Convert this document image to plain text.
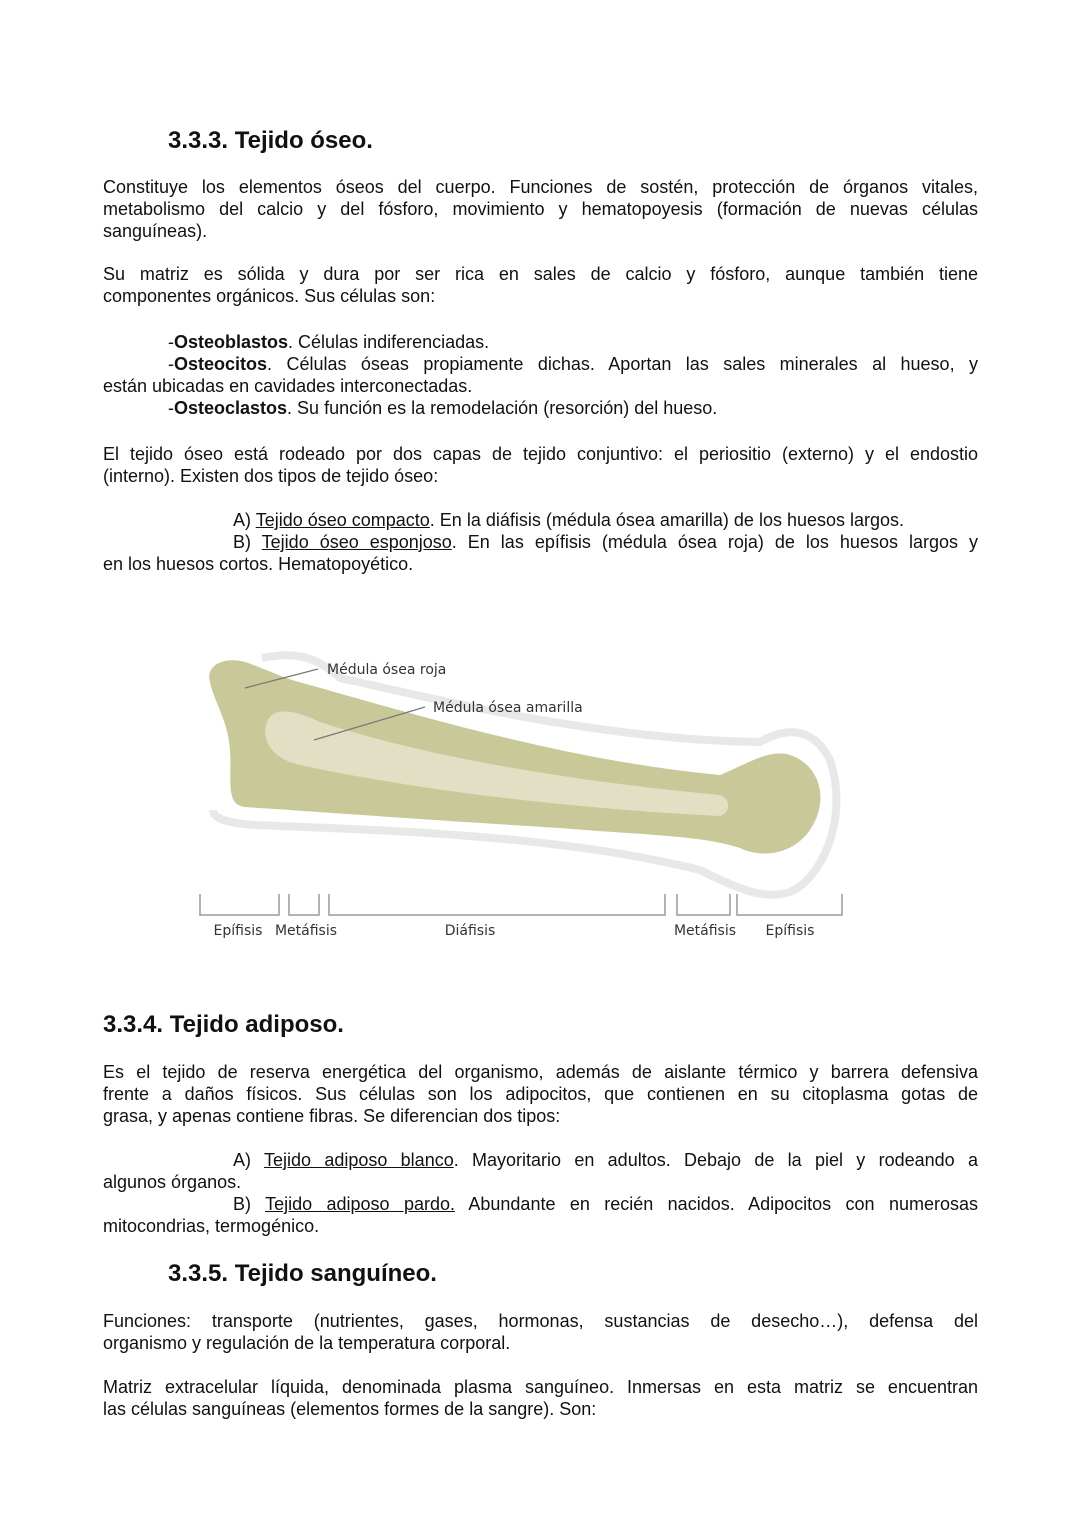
3.3.3. Tejido óseo.
Constituye los elementos óseos del cuerpo. Funciones de sostén, protección de órganos vitales,
metabolismo del calcio y del fósforo, movimiento y hematopoyesis (formación de nuevas células
sanguíneas).
Su matriz es sólida y dura por ser rica en sales de calcio y fósforo, aunque también tiene
componentes orgánicos. Sus células son:
-Osteoblastos. Células indiferenciadas.
-Osteocitos. Células óseas propiamente dichas. Aportan las sales minerales al hueso, y
están ubicadas en cavidades interconectadas.
-Osteoclastos. Su función es la remodelación (resorción) del hueso.
El tejido óseo está rodeado por dos capas de tejido conjuntivo: el periositio (externo) y el endostio
(interno). Existen dos tipos de tejido óseo:
A) Tejido óseo compacto. En la diáfisis (médula ósea amarilla) de los huesos largos.
B) Tejido óseo esponjoso. En las epífisis (médula ósea roja) de los huesos largos y
en los huesos cortos. Hematopoyético.
Médula ósea roja
Médula ósea amarilla
Epífisis Metáfisis	Diáfisis	Metáfisis Epífisis
3.3.4. Tejido adiposo.
Es el tejido de reserva energética del organismo, además de aislante térmico y barrera defensiva
frente a daños físicos. Sus células son los adipocitos, que contienen en su citoplasma gotas de
grasa, y apenas contiene fibras. Se diferencian dos tipos:
A) Tejido adiposo blanco. Mayoritario en adultos. Debajo de la piel y rodeando a
algunos órganos.
B) Tejido adiposo pardo. Abundante en recién nacidos. Adipocitos con numerosas
mitocondrias, termogénico.
3.3.5. Tejido sanguíneo.
Funciones: transporte (nutrientes, gases, hormonas, sustancias de desecho…), defensa del
organismo y regulación de la temperatura corporal.
Matriz extracelular líquida, denominada plasma sanguíneo. Inmersas en esta matriz se encuentran
las células sanguíneas (elementos formes de la sangre). Son:
